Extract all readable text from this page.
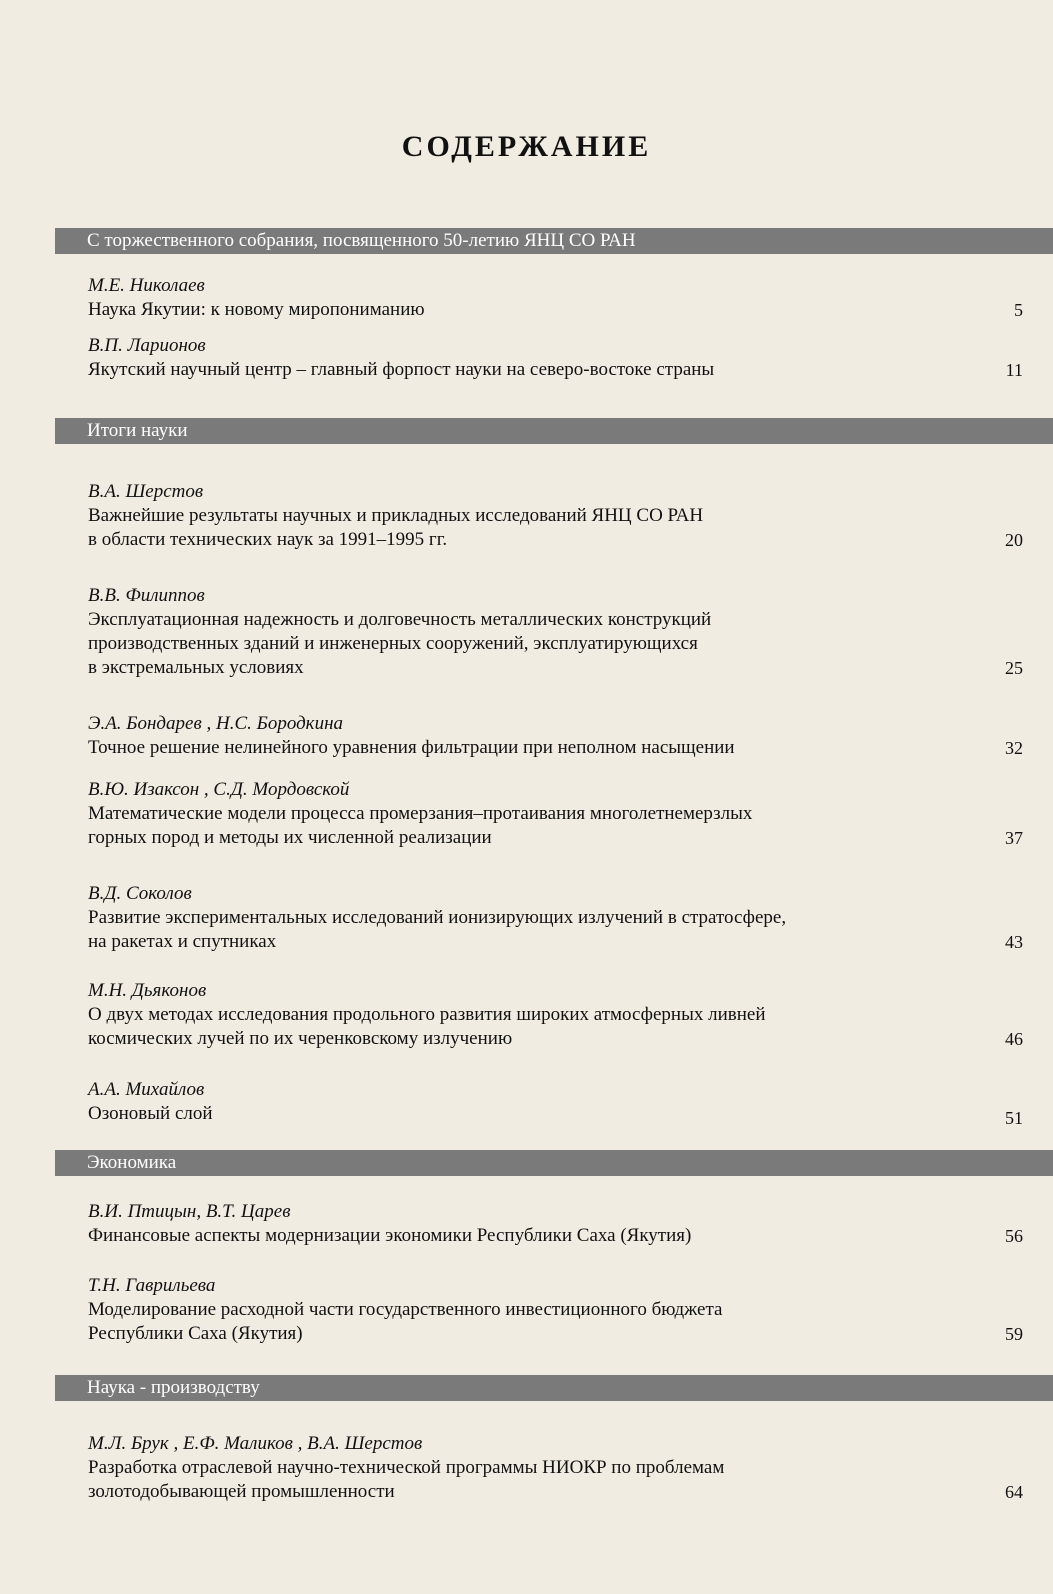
СОДЕРЖАНИЕ
С торжественного собрания, посвященного 50-летию ЯНЦ СО РАН
М.Е. Николаев
Наука Якутии: к новому миропониманию	5
В.П. Ларионов
Якутский научный центр – главный форпост науки на северо-востоке страны	11
Итоги науки
В.А. Шерстов
Важнейшие результаты научных и прикладных исследований ЯНЦ СО РАН
в области технических наук за 1991–1995 гг.	20
В.В. Филиппов
Эксплуатационная надежность и долговечность металлических конструкций
производственных зданий и инженерных сооружений, эксплуатирующихся
в экстремальных условиях	25
Э.А. Бондарев , Н.С. Бородкина
Точное решение нелинейного уравнения фильтрации при неполном насыщении	32
В.Ю. Изаксон , С.Д. Мордовской
Математические модели процесса промерзания–протаивания многолетнемерзлых
горных пород и методы их численной реализации	37
В.Д. Соколов
Развитие экспериментальных исследований ионизирующих излучений в стратосфере,
на ракетах и спутниках	43
М.Н. Дьяконов
О двух методах исследования продольного развития широких атмосферных ливней
космических лучей по их черенковскому излучению	46
А.А. Михайлов
Озоновый слой	51
Экономика
В.И. Птицын, В.Т. Царев
Финансовые аспекты модернизации экономики Республики Саха (Якутия)	56
Т.Н. Гаврильева
Моделирование расходной части государственного инвестиционного бюджета
Республики Саха (Якутия)	59
Наука - производству
М.Л. Брук , Е.Ф. Маликов , В.А. Шерстов
Разработка отраслевой научно-технической программы НИОКР по проблемам
золотодобывающей промышленности	64
